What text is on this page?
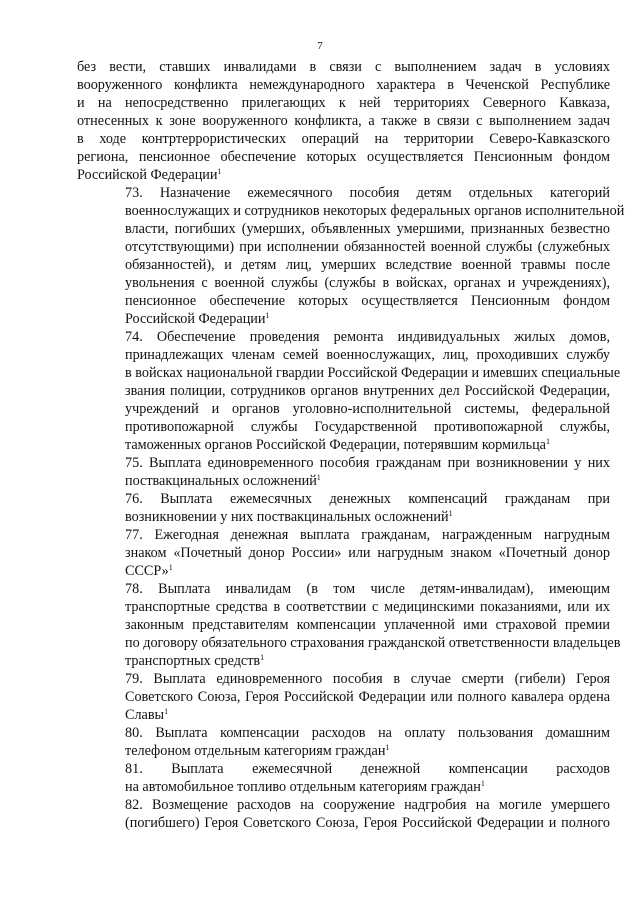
7

без вести, ставших инвалидами в связи с выполнением задач в условиях
вооруженного конфликта немеждународного характера в Чеченской Республике
и на непосредственно прилегающих к ней территориях Северного Кавказа,
отнесенных к зоне вооруженного конфликта, а также в связи с выполнением задач
в ходе контртеррористических операций на территории Северо-Кавказского
региона, пенсионное обеспечение которых осуществляется Пенсионным фондом
Российской Федерации$^1$

73. Назначение ежемесячного пособия детям отдельных категорий
военнослужащих и сотрудников некоторых федеральных органов исполнительной
власти, погибших (умерших, объявленных умершими, признанных безвестно
отсутствующими) при исполнении обязанностей военной службы (служебных
обязанностей), и детям лиц, умерших вследствие военной травмы после
увольнения с военной службы (службы в войсках, органах и учреждениях),
пенсионное обеспечение которых осуществляется Пенсионным фондом
Российской Федерации$^1$

74. Обеспечение проведения ремонта индивидуальных жилых домов,
принадлежащих членам семей военнослужащих, лиц, проходивших службу
в войсках национальной гвардии Российской Федерации и имевших специальные
звания полиции, сотрудников органов внутренних дел Российской Федерации,
учреждений и органов уголовно-исполнительной системы, федеральной
противопожарной службы Государственной противопожарной службы,
таможенных органов Российской Федерации, потерявшим кормильца$^1$

75. Выплата единовременного пособия гражданам при возникновении у них
поствакцинальных осложнений$^1$

76. Выплата ежемесячных денежных компенсаций гражданам при
возникновении у них поствакцинальных осложнений$^1$

77. Ежегодная денежная выплата гражданам, награжденным нагрудным
знаком «Почетный донор России» или нагрудным знаком «Почетный донор
СССР»$^1$

78. Выплата инвалидам (в том числе детям-инвалидам), имеющим
транспортные средства в соответствии с медицинскими показаниями, или их
законным представителям компенсации уплаченной ими страховой премии
по договору обязательного страхования гражданской ответственности владельцев
транспортных средств$^1$

79. Выплата единовременного пособия в случае смерти (гибели) Героя
Советского Союза, Героя Российской Федерации или полного кавалера ордена
Славы$^1$

80. Выплата компенсации расходов на оплату пользования домашним
телефоном отдельным категориям граждан$^1$

81. Выплата ежемесячной денежной компенсации расходов
на автомобильное топливо отдельным категориям граждан$^1$

82. Возмещение расходов на сооружение надгробия на могиле умершего
(погибшего) Героя Советского Союза, Героя Российской Федерации и полного
